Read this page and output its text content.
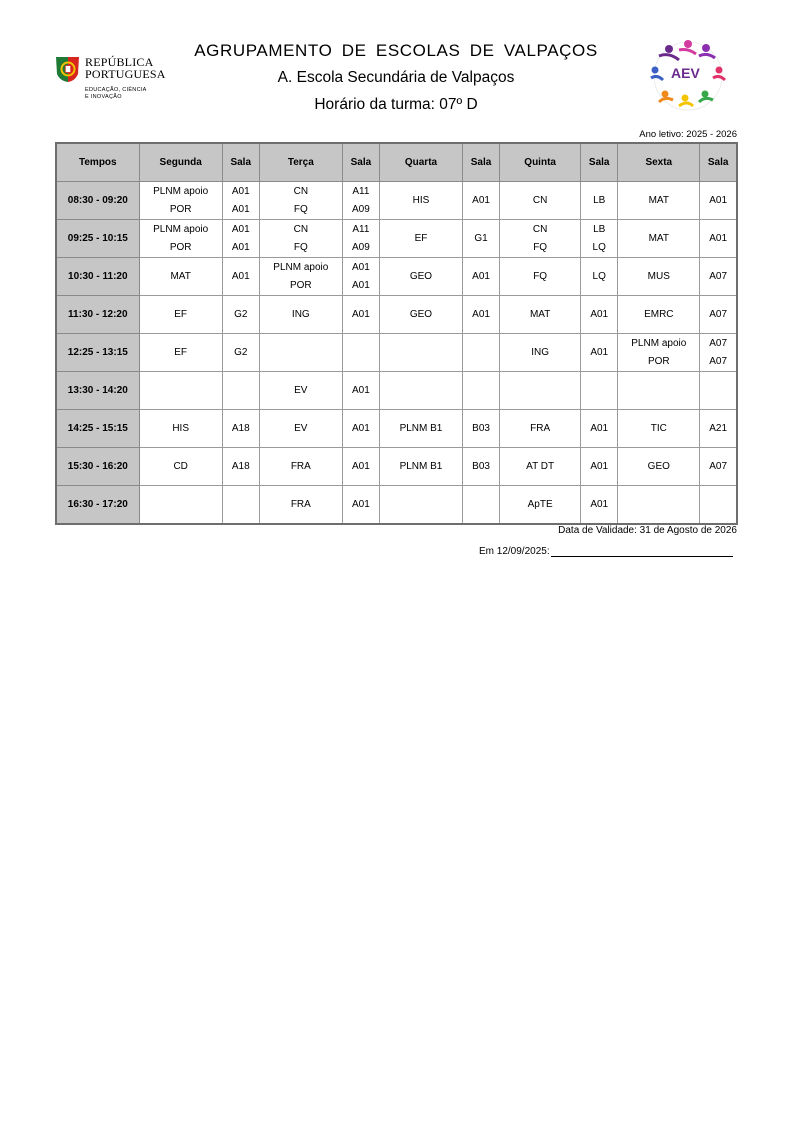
REPÚBLICA
PORTUGUESA
EDUCAÇÃO, CIÊNCIA
E INOVAÇÃO
AGRUPAMENTO DE ESCOLAS DE VALPAÇOS
A. Escola Secundária de Valpaços
Horário da turma: 07º D
AEV
Ano letivo: 2025 - 2026
Tempos	Segunda	Sala	Terça	Sala	Quarta	Sala	Quinta	Sala	Sexta	Sala
08:30 - 09:20	PLNM apoio
POR	A01
A01	CN
FQ	A11
A09	HIS	A01	CN	LB	MAT	A01

09:25 - 10:15	PLNM apoio
POR	A01
A01	CN
FQ	A11
A09	EF	G1	CN
FQ	LB
LQ	MAT	A01

10:30 - 11:20	MAT	A01	PLNM apoio
POR	A01
A01	GEO	A01	FQ	LQ	MUS	A07

11:30 - 12:20	EF	G2	ING	A01	GEO	A01	MAT	A01	EMRC	A07

12:25 - 13:15	EF	G2					ING	A01	PLNM apoio
POR	A07
A07

13:30 - 14:20			EV	A01						

14:25 - 15:15	HIS	A18	EV	A01	PLNM B1	B03	FRA	A01	TIC	A21

15:30 - 16:20	CD	A18	FRA	A01	PLNM B1	B03	AT DT	A01	GEO	A07

16:30 - 17:20			FRA	A01			ApTE	A01		

Data de Validade: 31 de Agosto de 2026
Em 12/09/2025:
